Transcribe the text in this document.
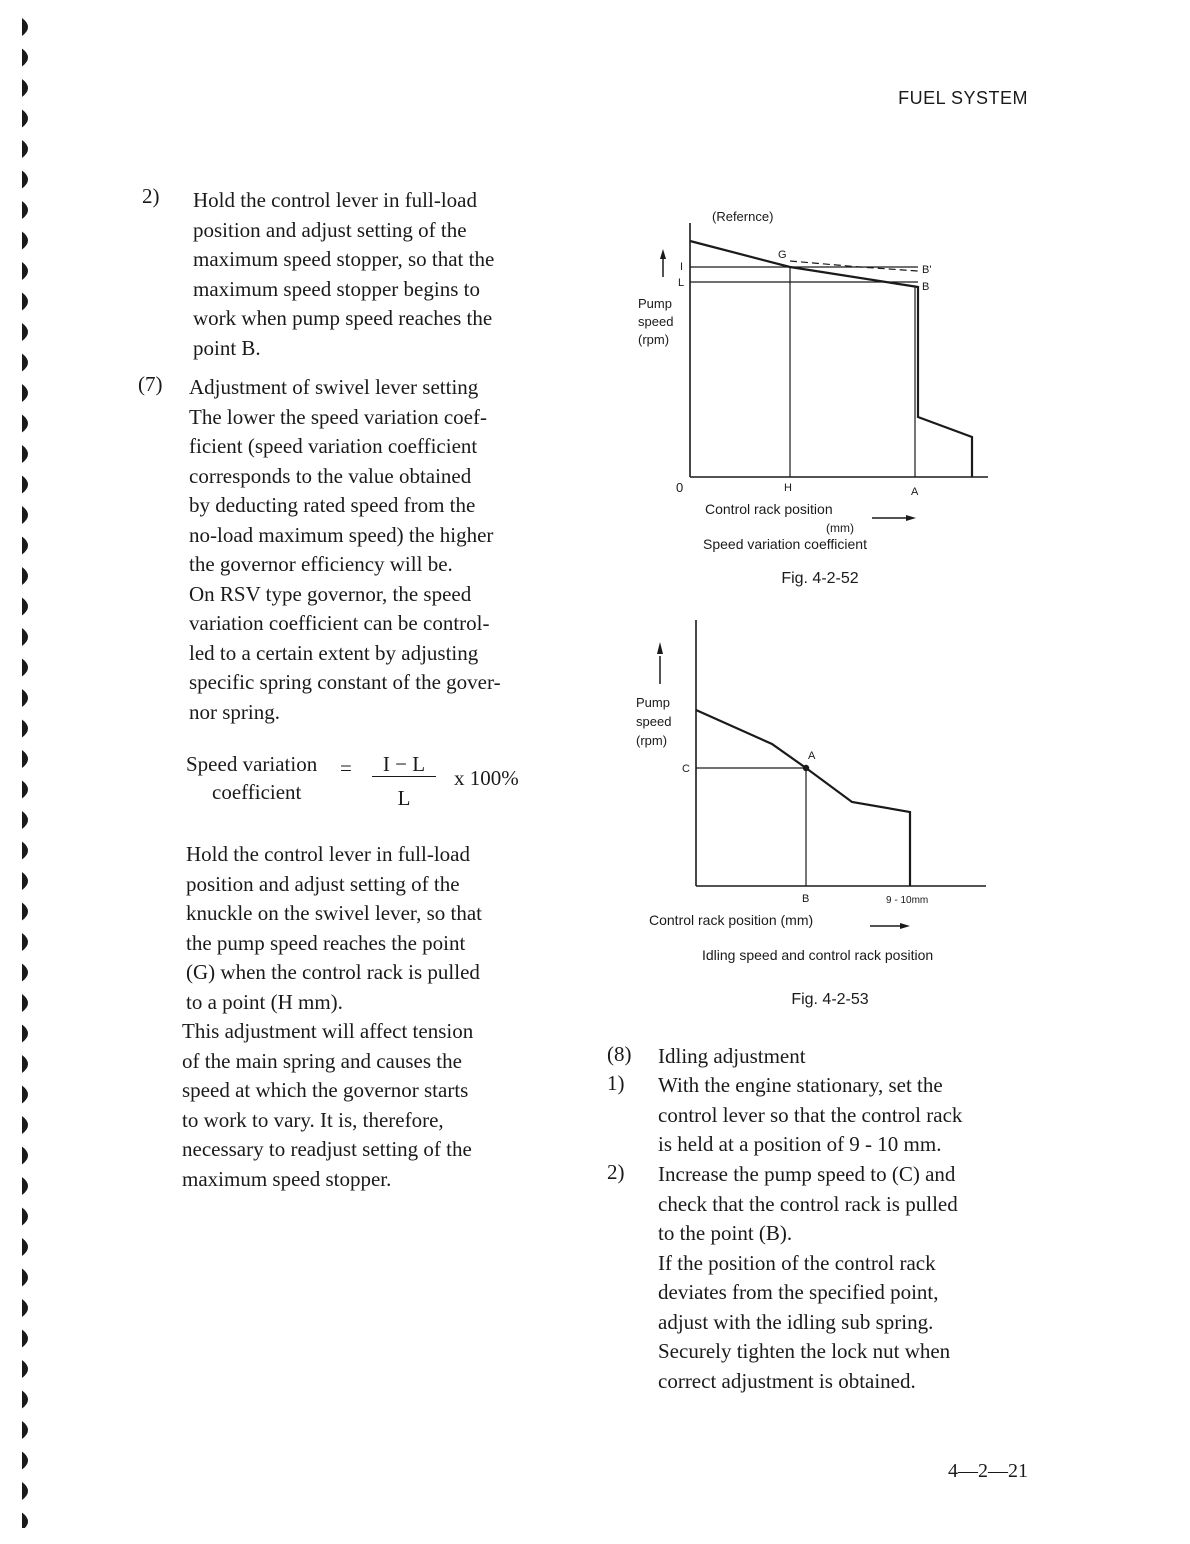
FUEL SYSTEM
2) Hold the control lever in full-load

position and adjust setting of the

maximum speed stopper, so that the

maximum speed stopper begins to

work when pump speed reaches the

point B.

(7) Adjustment of swivel lever setting

The lower the speed variation coef-

ficient (speed variation coefficient

corresponds to the value obtained

by deducting rated speed from the

no-load maximum speed) the higher

the governor efficiency will be.

On RSV type governor, the speed

variation coefficient can be control-

led to a certain extent by adjusting

specific spring constant of the gover-

nor spring.

Speed variation =
coefficient
I − L
L
x 100%

Hold the control lever in full-load

position and adjust setting of the

knuckle on the swivel lever, so that

the pump speed reaches the point

(G) when the control rack is pulled

to a point (H mm).

This adjustment will affect tension

of the main spring and causes the

speed at which the governor starts

to work to vary. It is, therefore,

necessary to readjust setting of the

maximum speed stopper.

(Refernce)
Pump
speed
(rpm)
I
L
G
B'
B
0	H	A
Control rack position
(mm)
Speed variation coefficient
Fig. 4-2-52
Pump
speed
(rpm)
A
C
B	9 - 10mm
Control rack position (mm)
Idling speed and control rack position
Fig. 4-2-53
(8) Idling adjustment
1) With the engine stationary, set the

control lever so that the control rack

is held at a position of 9 - 10 mm.

2) Increase the pump speed to (C) and

check that the control rack is pulled

to the point (B).

If the position of the control rack

deviates from the specified point,

adjust with the idling sub spring.

Securely tighten the lock nut when

correct adjustment is obtained.

4—2—21
